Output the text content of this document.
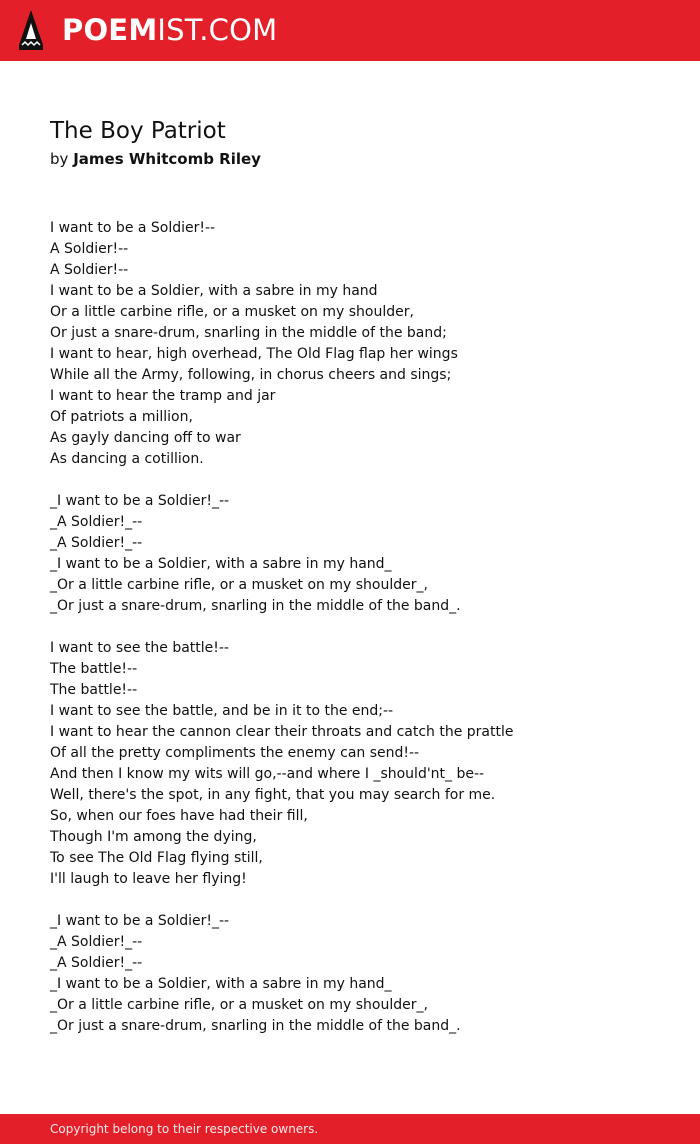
POEMIST.COM
The Boy Patriot
by James Whitcomb Riley
I want to be a Soldier!--
A Soldier!--
A Soldier!--
I want to be a Soldier, with a sabre in my hand
Or a little carbine rifle, or a musket on my shoulder,
Or just a snare-drum, snarling in the middle of the band;
I want to hear, high overhead, The Old Flag flap her wings
While all the Army, following, in chorus cheers and sings;
I want to hear the tramp and jar
Of patriots a million,
As gayly dancing off to war
As dancing a cotillion.
_I want to be a Soldier!_--
_A Soldier!_--
_A Soldier!_--
_I want to be a Soldier, with a sabre in my hand_
_Or a little carbine rifle, or a musket on my shoulder_,
_Or just a snare-drum, snarling in the middle of the band_.
I want to see the battle!--
The battle!--
The battle!--
I want to see the battle, and be in it to the end;--
I want to hear the cannon clear their throats and catch the prattle
Of all the pretty compliments the enemy can send!--
And then I know my wits will go,--and where I _should'nt_ be--
Well, there's the spot, in any fight, that you may search for me.
So, when our foes have had their fill,
Though I'm among the dying,
To see The Old Flag flying still,
I'll laugh to leave her flying!
_I want to be a Soldier!_--
_A Soldier!_--
_A Soldier!_--
_I want to be a Soldier, with a sabre in my hand_
_Or a little carbine rifle, or a musket on my shoulder_,
_Or just a snare-drum, snarling in the middle of the band_.
Copyright belong to their respective owners.
